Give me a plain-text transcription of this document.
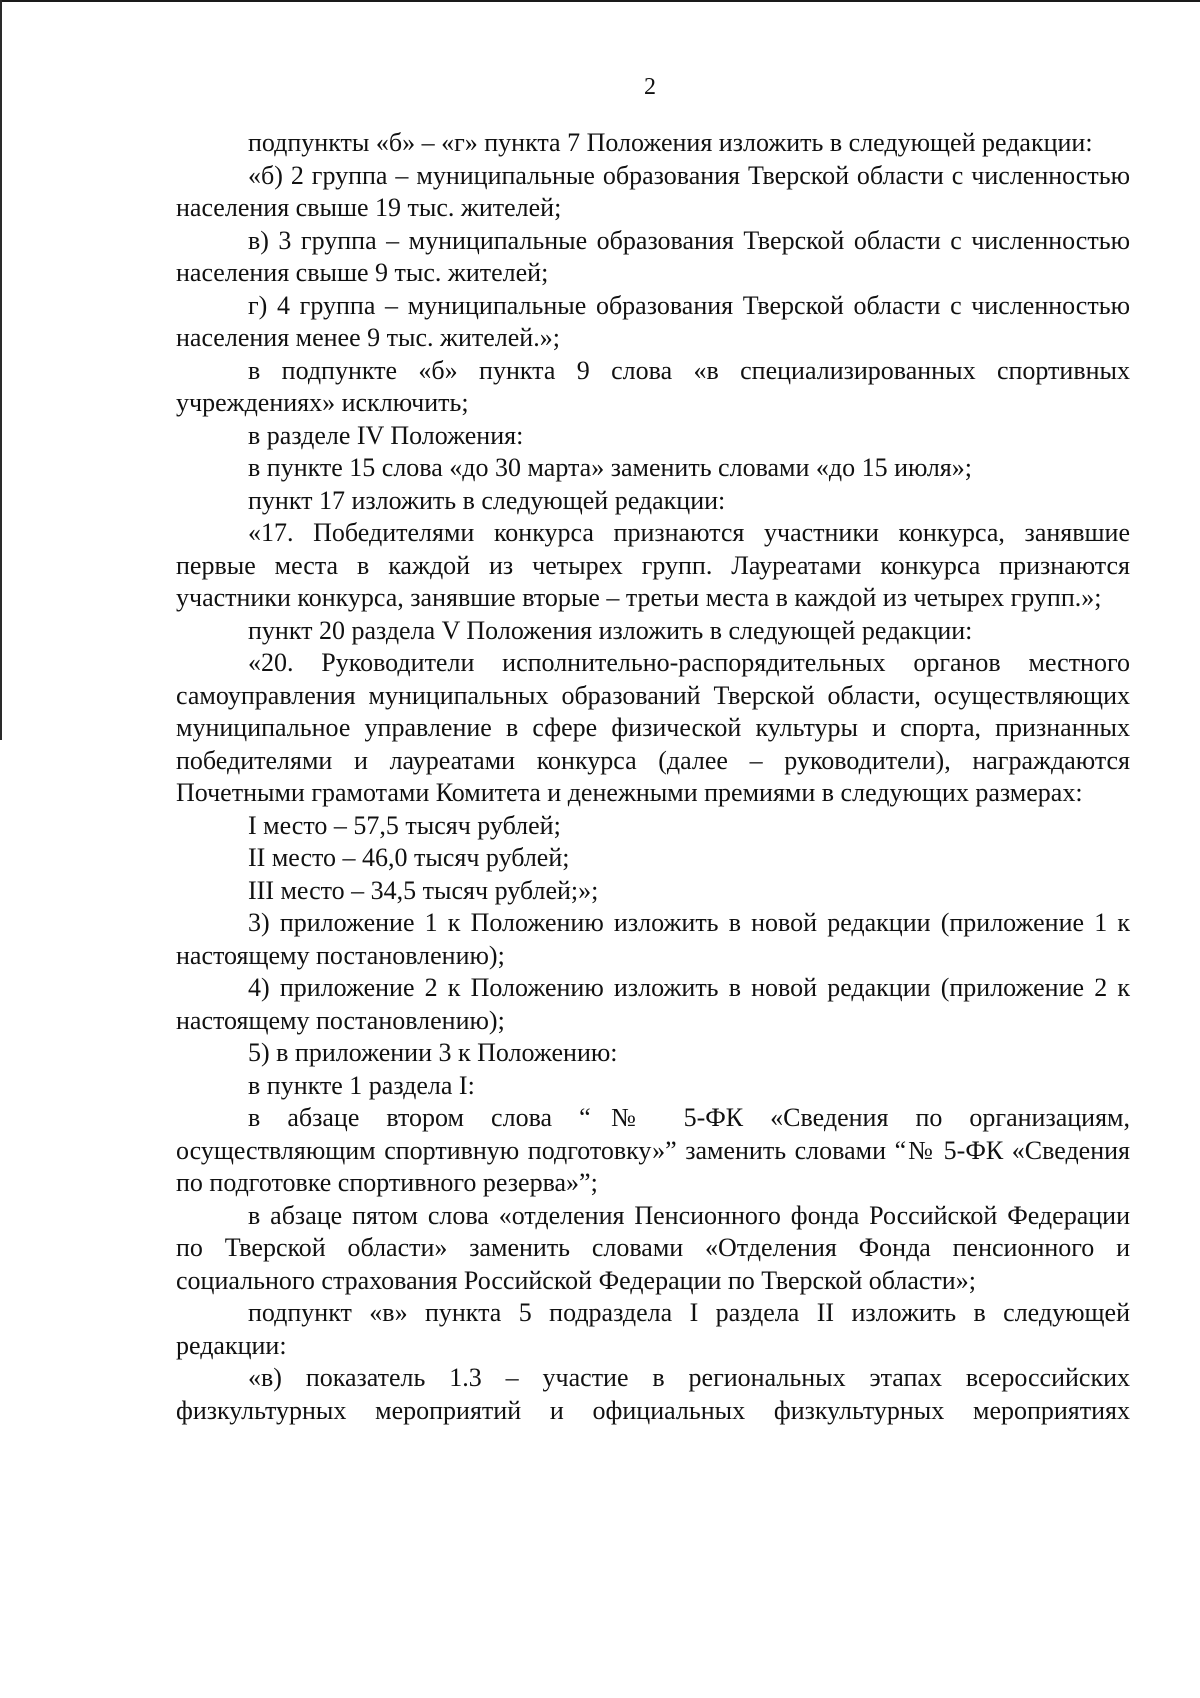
2

подпункты «б» – «г» пункта 7 Положения изложить в следующей редакции:

«б) 2 группа – муниципальные образования Тверской области с численностью населения свыше 19 тыс. жителей;

в) 3 группа – муниципальные образования Тверской области с численностью населения свыше 9 тыс. жителей;

г) 4 группа – муниципальные образования Тверской области с численностью населения менее 9 тыс. жителей.»;

в подпункте «б» пункта 9 слова «в специализированных спортивных учреждениях» исключить;

в разделе IV Положения:

в пункте 15 слова «до 30 марта» заменить словами «до 15 июля»;

пункт 17 изложить в следующей редакции:

«17. Победителями конкурса признаются участники конкурса, занявшие первые места в каждой из четырех групп. Лауреатами конкурса признаются участники конкурса, занявшие вторые – третьи места в каждой из четырех групп.»;

пункт 20 раздела V Положения изложить в следующей редакции:

«20. Руководители исполнительно-распорядительных органов местного самоуправления муниципальных образований Тверской области, осуществляющих муниципальное управление в сфере физической культуры и спорта, признанных победителями и лауреатами конкурса (далее – руководители), награждаются Почетными грамотами Комитета и денежными премиями в следующих размерах:

I место – 57,5 тысяч рублей;

II место – 46,0 тысяч рублей;

III место – 34,5 тысяч рублей;»;

3) приложение 1 к Положению изложить в новой редакции (приложение 1 к настоящему постановлению);

4) приложение 2 к Положению изложить в новой редакции (приложение 2 к настоящему постановлению);

5) в приложении 3 к Положению:

в пункте 1 раздела I:

в абзаце втором слова “№ 5-ФК «Сведения по организациям, осуществляющим спортивную подготовку»” заменить словами “№ 5-ФК «Сведения по подготовке спортивного резерва»”;

в абзаце пятом слова «отделения Пенсионного фонда Российской Федерации по Тверской области» заменить словами «Отделения Фонда пенсионного и социального страхования Российской Федерации по Тверской области»;

подпункт «в» пункта 5 подраздела I раздела II изложить в следующей редакции:

«в) показатель 1.3 – участие в региональных этапах всероссийских физкультурных мероприятий и официальных физкультурных мероприятиях
